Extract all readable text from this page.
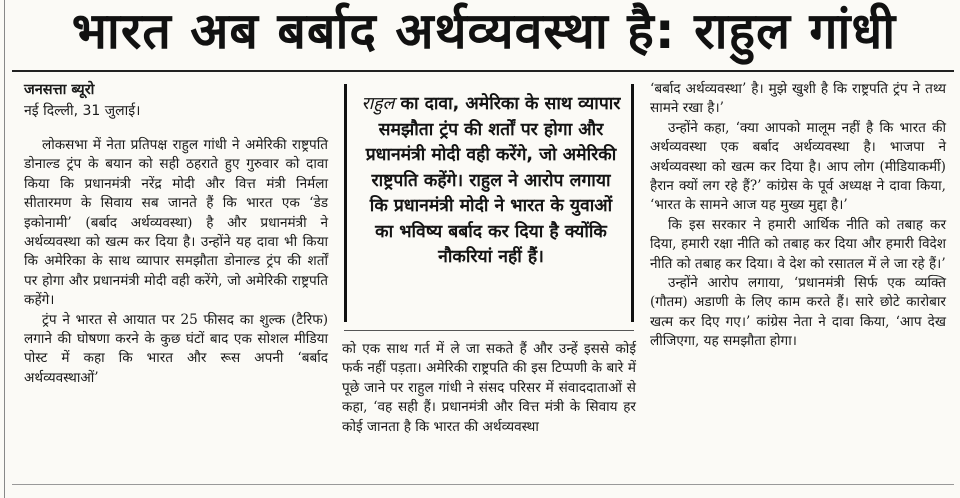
भारत अब बर्बाद अर्थव्यवस्था है: राहुल गांधी
जनसत्ता ब्यूरो
नई दिल्ली, 31 जुलाई।

लोकसभा में नेता प्रतिपक्ष राहुल गांधी ने अमेरिकी राष्ट्रपति डोनाल्ड ट्रंप के बयान को सही ठहराते हुए गुरुवार को दावा किया कि प्रधानमंत्री नरेंद्र मोदी और वित्त मंत्री निर्मला सीतारमण के सिवाय सब जानते हैं कि भारत एक ‘डेड इकोनामी’ (बर्बाद अर्थव्यवस्था) है और प्रधानमंत्री ने अर्थव्यवस्था को खत्म कर दिया है। उन्होंने यह दावा भी किया कि अमेरिका के साथ व्यापार समझौता डोनाल्ड ट्रंप की शर्तों पर होगा और प्रधानमंत्री मोदी वही करेंगे, जो अमेरिकी राष्ट्रपति कहेंगे।

ट्रंप ने भारत से आयात पर 25 फीसद का शुल्क (टैरिफ) लगाने की घोषणा करने के कुछ घंटों बाद एक सोशल मीडिया पोस्ट में कहा कि भारत और रूस अपनी ‘बर्बाद अर्थव्यवस्थाओं’

राहुल का दावा, अमेरिका के साथ व्यापार समझौता ट्रंप की शर्तों पर होगा और प्रधानमंत्री मोदी वही करेंगे, जो अमेरिकी राष्ट्रपति कहेंगे। राहुल ने आरोप लगाया कि प्रधानमंत्री मोदी ने भारत के युवाओं का भविष्य बर्बाद कर दिया है क्योंकि नौकरियां नहीं हैं।

को एक साथ गर्त में ले जा सकते हैं और उन्हें इससे कोई फर्क नहीं पड़ता। अमेरिकी राष्ट्रपति की इस टिप्पणी के बारे में पूछे जाने पर राहुल गांधी ने संसद परिसर में संवाददाताओं से कहा, ‘वह सही हैं। प्रधानमंत्री और वित्त मंत्री के सिवाय हर कोई जानता है कि भारत की अर्थव्यवस्था

‘बर्बाद अर्थव्यवस्था’ है। मुझे खुशी है कि राष्ट्रपति ट्रंप ने तथ्य सामने रखा है।’

उन्होंने कहा, ‘क्या आपको मालूम नहीं है कि भारत की अर्थव्यवस्था एक बर्बाद अर्थव्यवस्था है। भाजपा ने अर्थव्यवस्था को खत्म कर दिया है। आप लोग (मीडियाकर्मी) हैरान क्यों लग रहे हैं?’ कांग्रेस के पूर्व अध्यक्ष ने दावा किया, ‘भारत के सामने आज यह मुख्य मुद्दा है।’

कि इस सरकार ने हमारी आर्थिक नीति को तबाह कर दिया, हमारी रक्षा नीति को तबाह कर दिया और हमारी विदेश नीति को तबाह कर दिया। वे देश को रसातल में ले जा रहे हैं।’

उन्होंने आरोप लगाया, ‘प्रधानमंत्री सिर्फ एक व्यक्ति (गौतम) अडाणी के लिए काम करते हैं। सारे छोटे कारोबार खत्म कर दिए गए।’ कांग्रेस नेता ने दावा किया, ‘आप देख लीजिएगा, यह समझौता होगा।
